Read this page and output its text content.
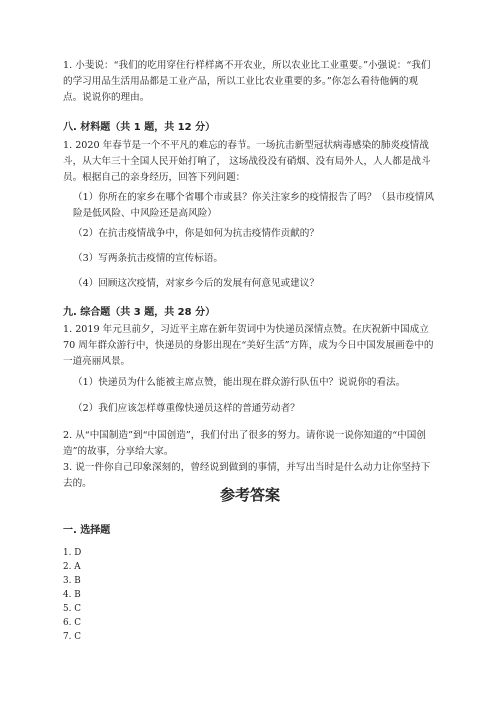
1. 小斐说：“我们的吃用穿住行样样离不开农业，所以农业比工业重要。”小强说：“我们的学习用品生活用品都是工业产品，所以工业比农业重要的多。”你怎么看待他俩的观点。说说你的理由。
八. 材料题（共 1 题，共 12 分）
1. 2020 年春节是一个不平凡的难忘的春节。一场抗击新型冠状病毒感染的肺炎疫情战斗，从大年三十全国人民开始打响了， 这场战役没有硝烟、没有局外人，人人都是战斗员。根据自己的亲身经历，回答下列问题：
（1）你所在的家乡在哪个省哪个市或县？你关注家乡的疫情报告了吗？（县市疫情风险是低风险、中风险还是高风险）
（2）在抗击疫情战争中，你是如何为抗击疫情作贡献的？
（3）写两条抗击疫情的宣传标语。
（4）回顾这次疫情，对家乡今后的发展有何意见或建议？
九. 综合题（共 3 题，共 28 分）
1. 2019 年元旦前夕，习近平主席在新年贺词中为快递员深情点赞。在庆祝新中国成立 70 周年群众游行中，快递员的身影出现在“美好生活”方阵，成为今日中国发展画卷中的一道亮丽风景。
（1）快递员为什么能被主席点赞，能出现在群众游行队伍中？说说你的看法。
（2）我们应该怎样尊重像快递员这样的普通劳动者？
2. 从“中国制造”到“中国创造”，我们付出了很多的努力。请你说一说你知道的“中国创造”的故事，分享给大家。
3. 说一件你自己印象深刻的，曾经说到做到的事情，并写出当时是什么动力让你坚持下去的。
参考答案
一. 选择题
1. D
2. A
3. B
4. B
5. C
6. C
7. C
